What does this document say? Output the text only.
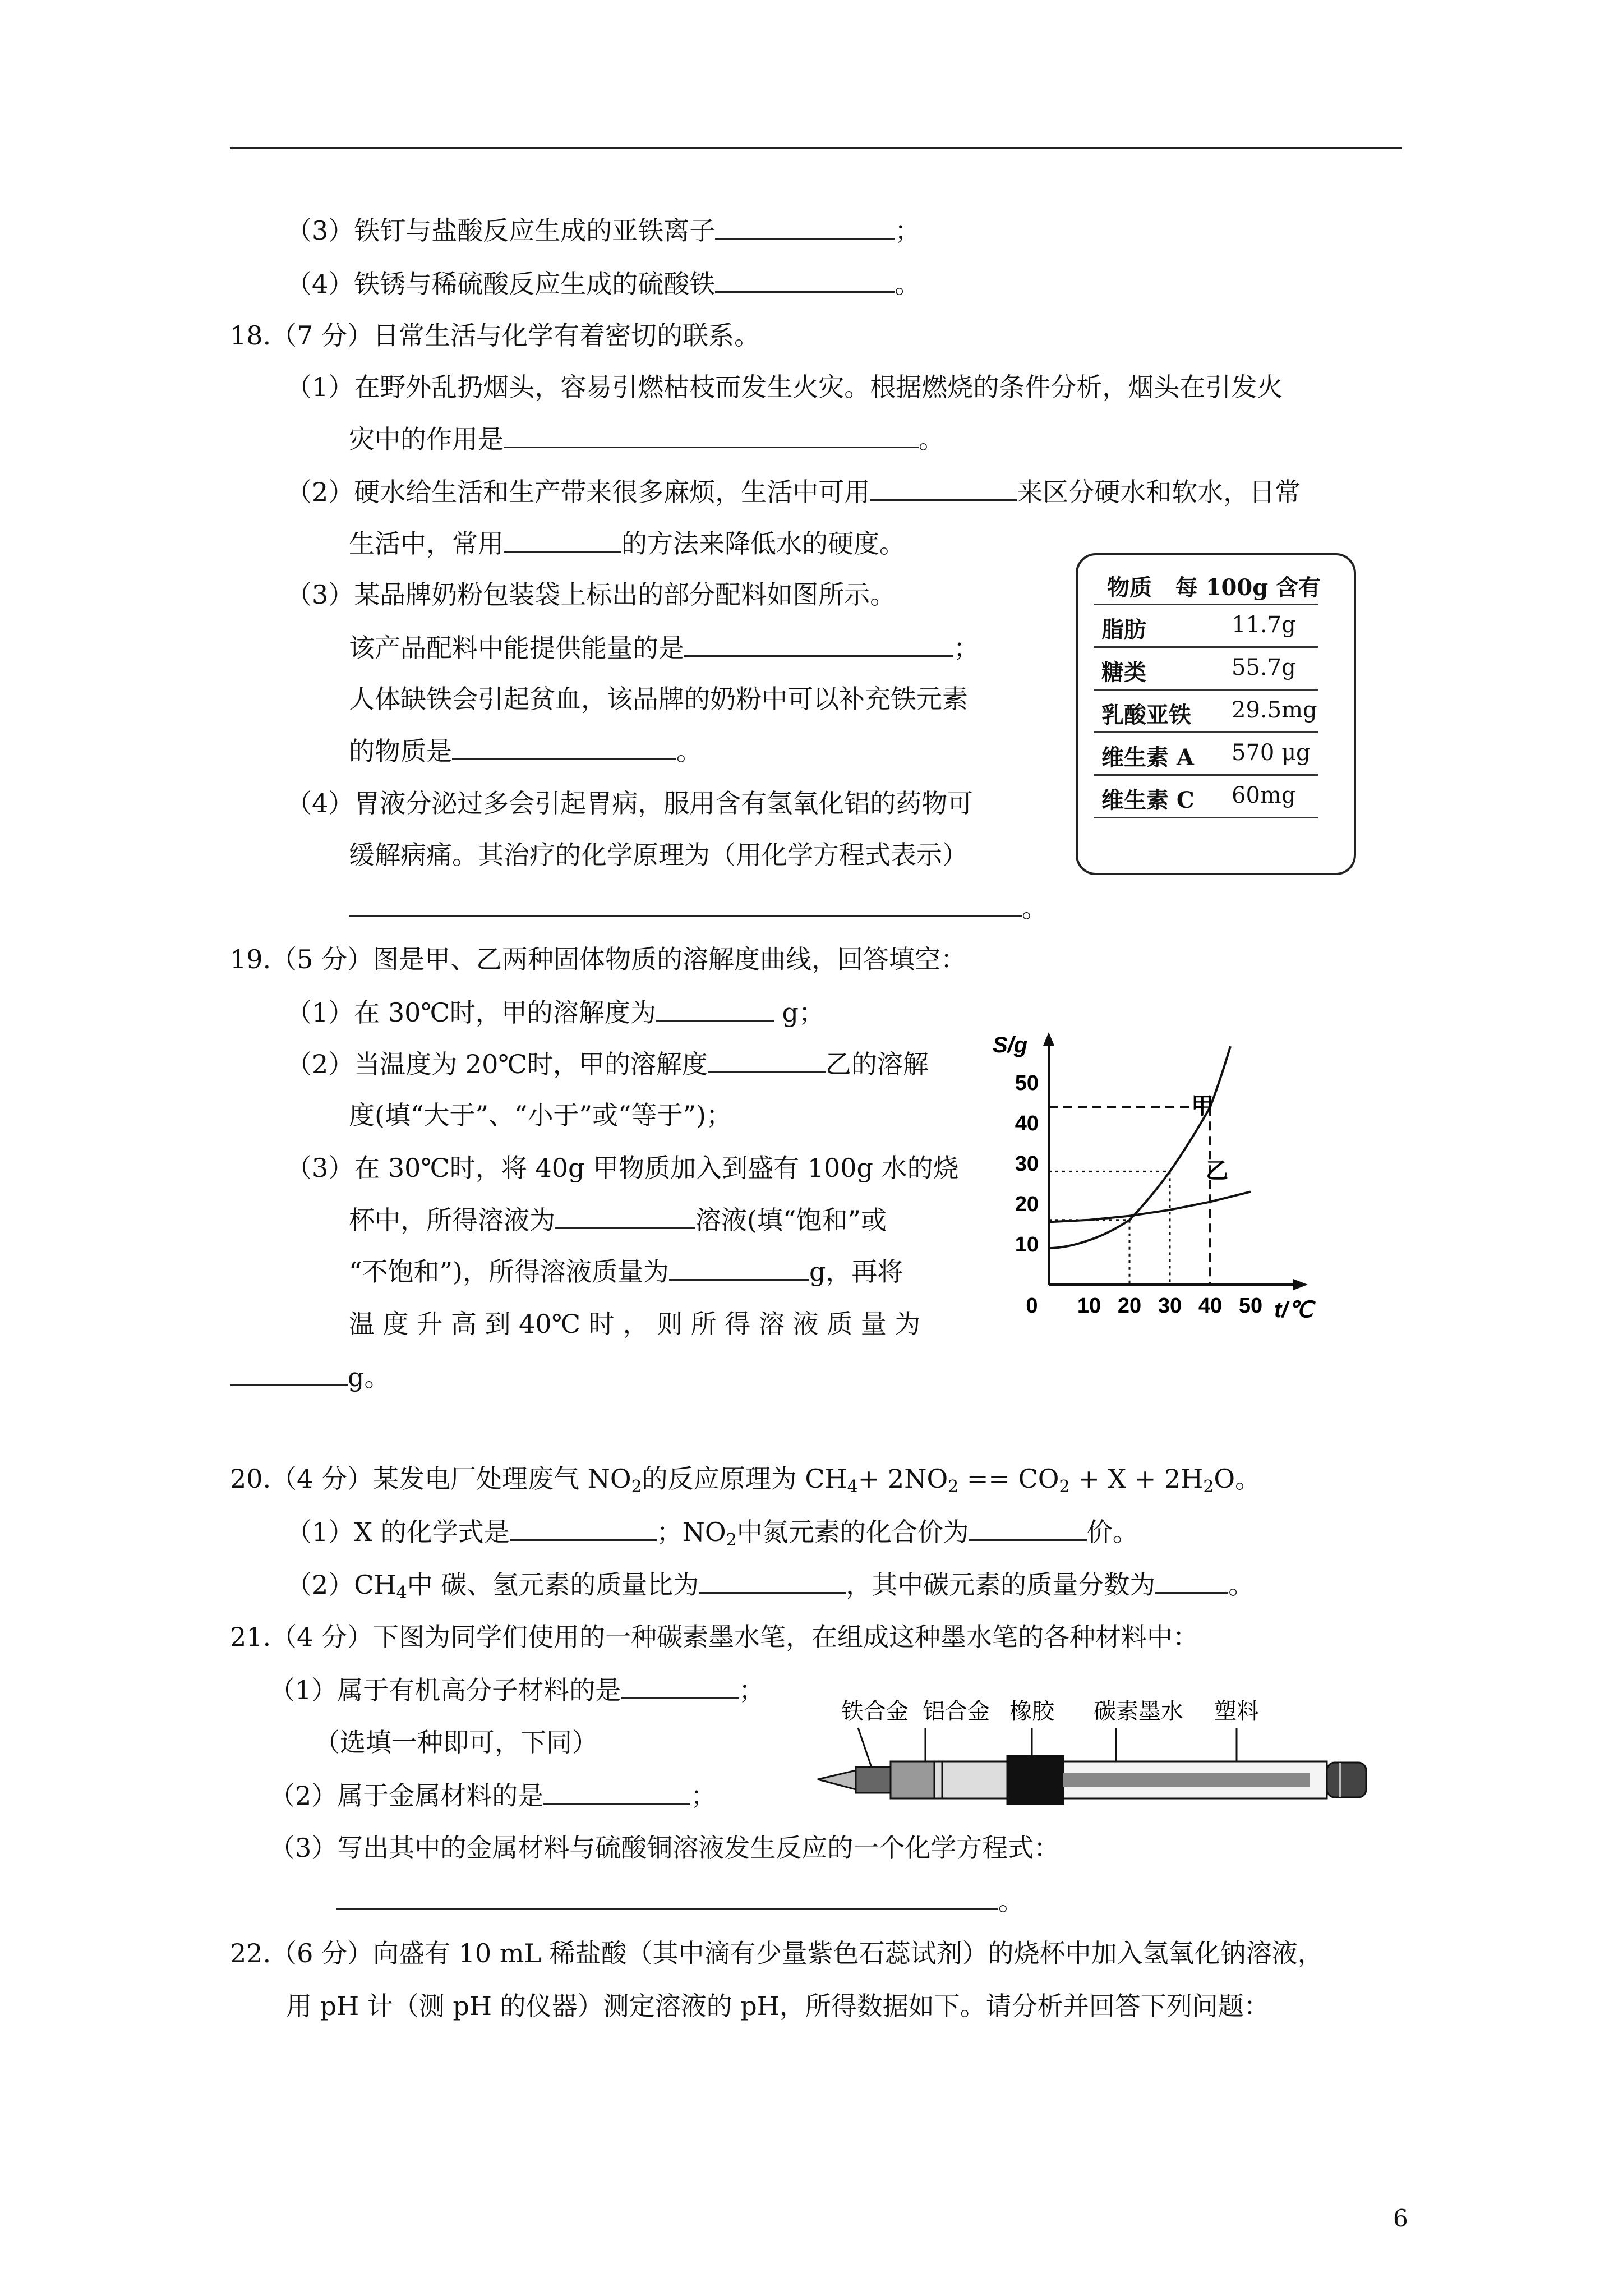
（3）铁钉与盐酸反应生成的亚铁离子	；
（4）铁锈与稀硫酸反应生成的硫酸铁	。
18.（7 分）日常生活与化学有着密切的联系。
（1）在野外乱扔烟头，容易引燃枯枝而发生火灾。根据燃烧的条件分析，烟头在引发火
灾中的作用是	。
（2）硬水给生活和生产带来很多麻烦，生活中可用	来区分硬水和软水，日常
生活中，常用	的方法来降低水的硬度。
（3）某品牌奶粉包装袋上标出的部分配料如图所示。
该产品配料中能提供能量的是	；
人体缺铁会引起贫血，该品牌的奶粉中可以补充铁元素
的物质是	。
（4）胃液分泌过多会引起胃病，服用含有氢氧化铝的药物可
缓解病痛。其治疗的化学原理为（用化学方程式表示）
。
物质 每 100g 含有
脂肪	11.7g
糖类	55.7g
乳酸亚铁 29.5mg
维生素 A 570 μg
维生素 C 60mg
19.（5 分）图是甲、乙两种固体物质的溶解度曲线，回答填空：
（1）在 30℃时，甲的溶解度为	g；
（2）当温度为 20℃时，甲的溶解度	乙的溶解
度(填“大于”、“小于”或“等于”)；
（3）在 30℃时，将 40g 甲物质加入到盛有 100g 水的烧
杯中，所得溶液为	溶液(填“饱和”或
“不饱和”)，所得溶液质量为	g，再将
温 度 升 高 到 40℃ 时 ， 则 所 得 溶 液 质 量 为
g。
S/g
t/℃
10
20
30
40
50
0 10 20 30 40 50
甲
乙
20.（4 分）某发电厂处理废气 $NO_2$的反应原理为 $CH_4+ 2NO_2 == CO_2 + X + 2H_2O$。
（1）X 的化学式是	；$NO_2$中氮元素的化合价为	价。
$(2)CH_4$中 碳、氢元素的质量比为	，其中碳元素的质量分数为	。
21.（4 分）下图为同学们使用的一种碳素墨水笔，在组成这种墨水笔的各种材料中：
（1）属于有机高分子材料的是	；
（选填一种即可，下同）
（2）属于金属材料的是	；
（3）写出其中的金属材料与硫酸铜溶液发生反应的一个化学方程式：
。
铁合金 铝合金 橡胶 碳素墨水 塑料
22.（6 分）向盛有 10 mL 稀盐酸（其中滴有少量紫色石蕊试剂）的烧杯中加入氢氧化钠溶液，
用 pH 计（测 pH 的仪器）测定溶液的 pH，所得数据如下。请分析并回答下列问题：
6
